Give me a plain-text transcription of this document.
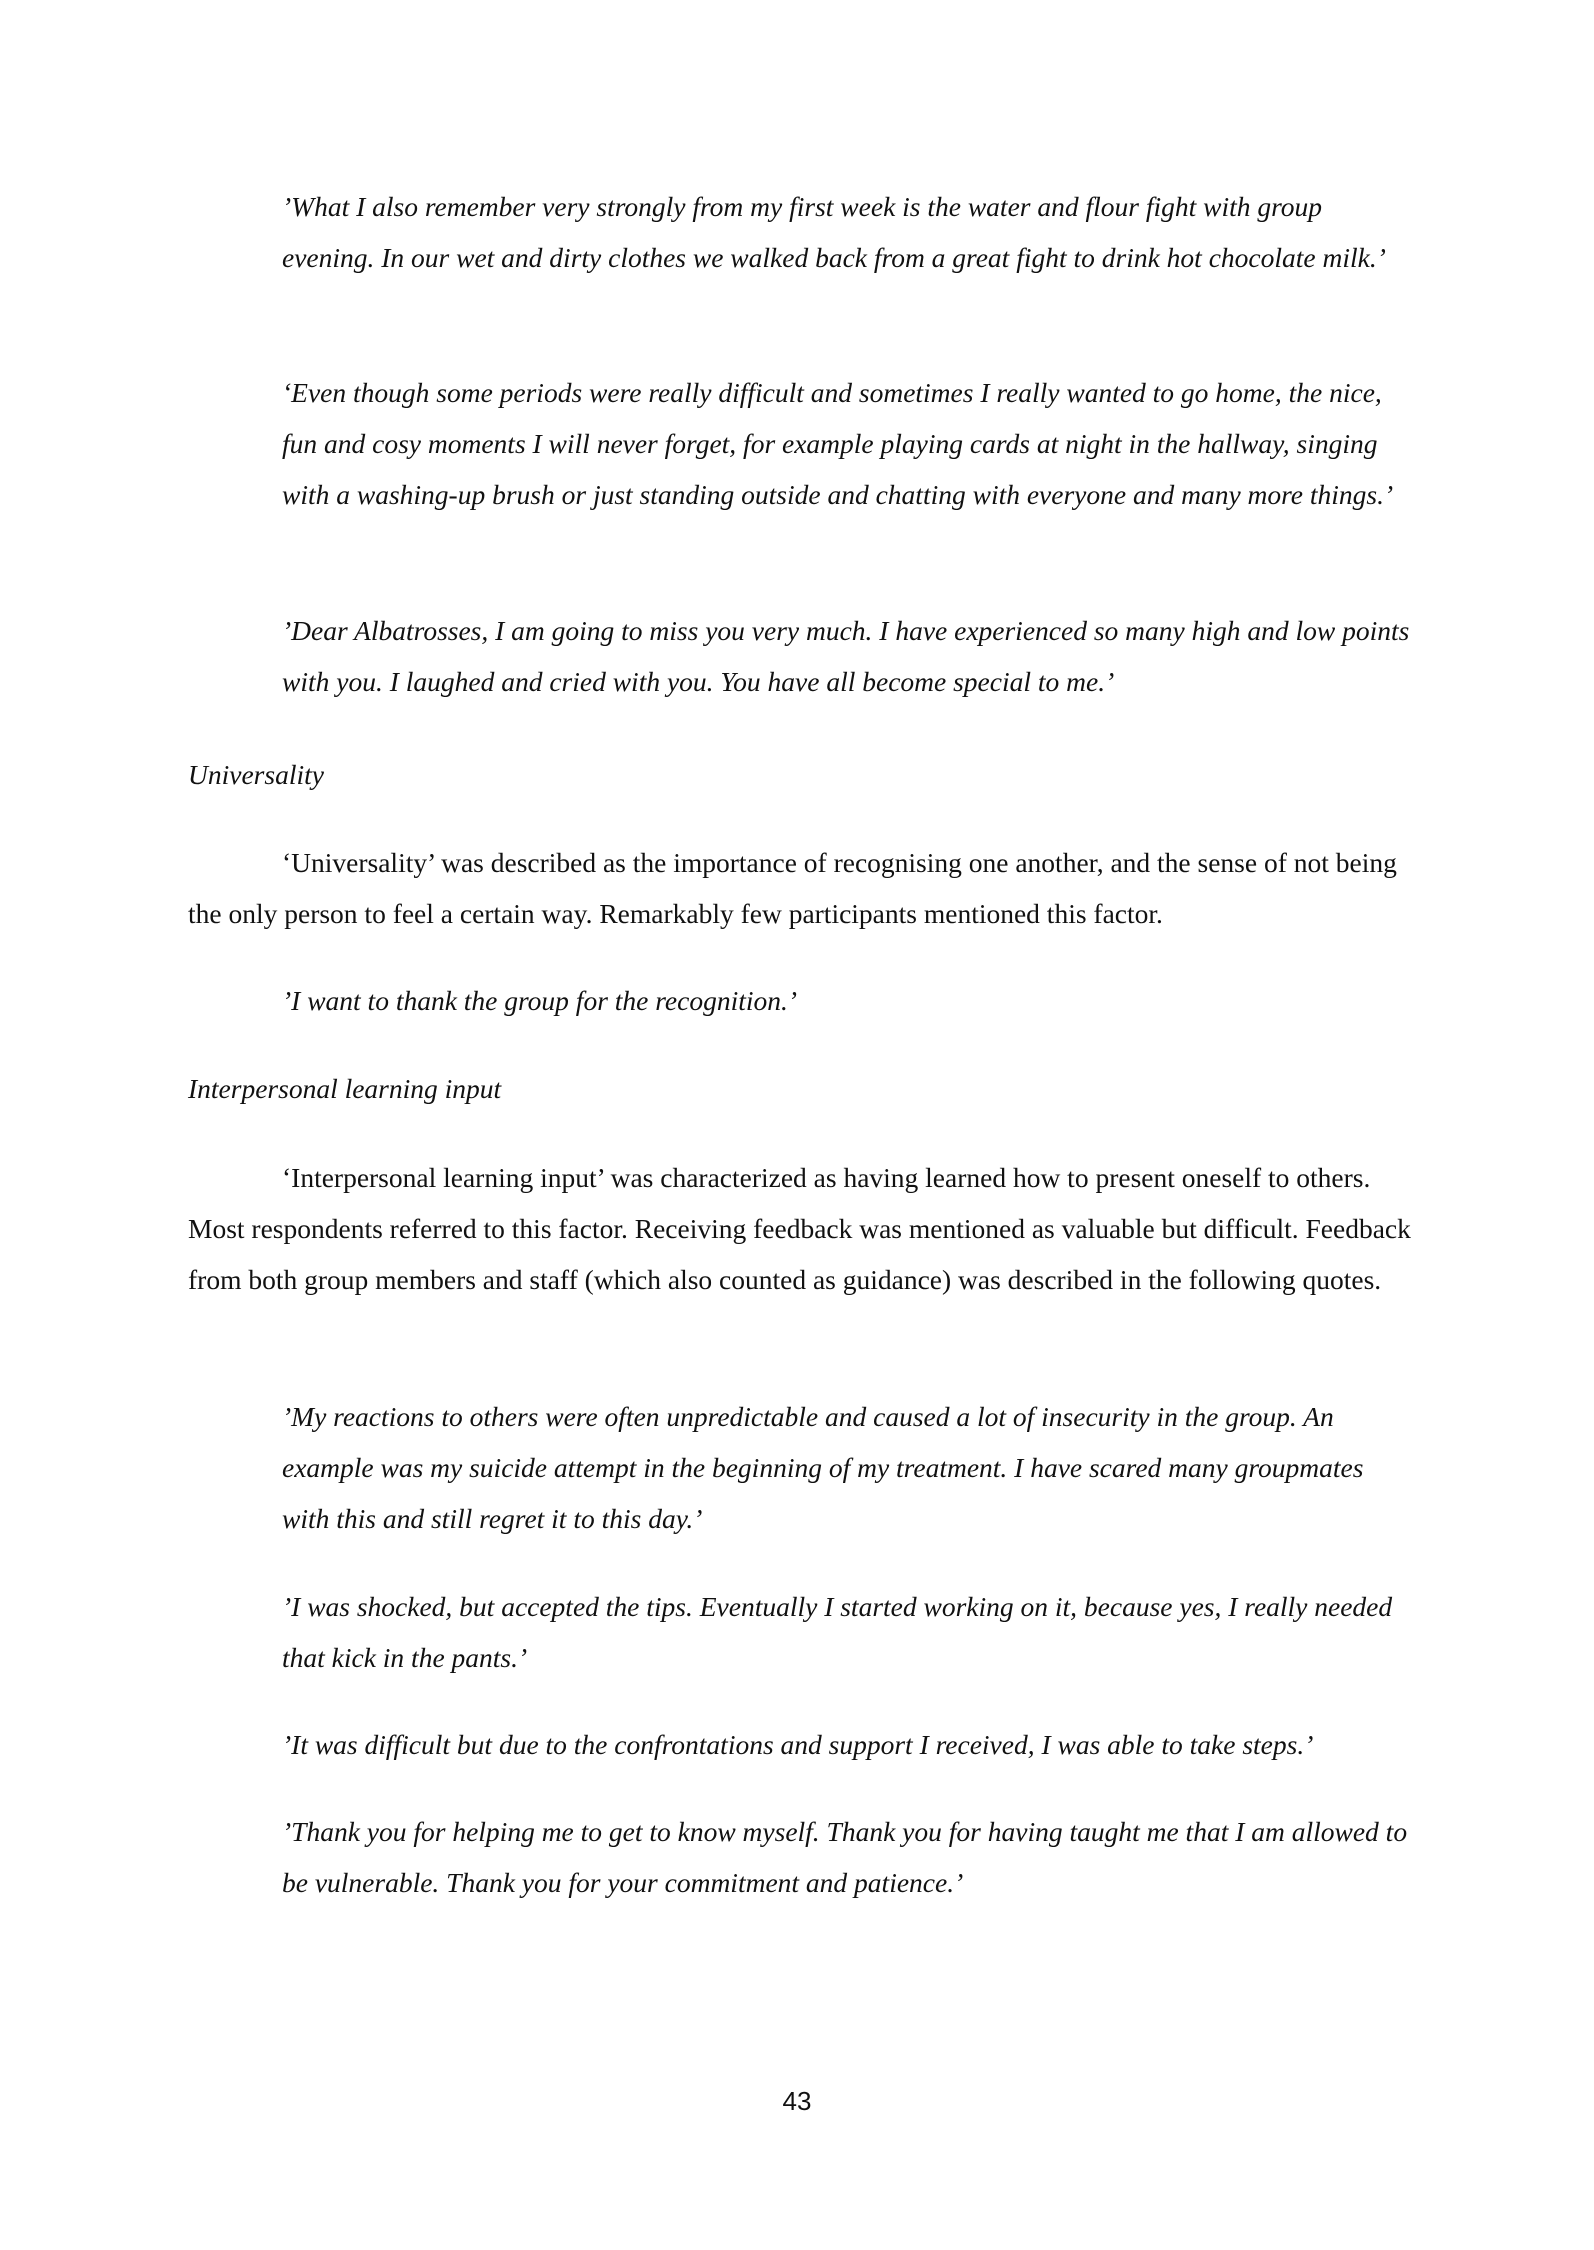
’What I also remember very strongly from my first week is the water and flour fight with group evening. In our wet and dirty clothes we walked back from a great fight to drink hot chocolate milk.’

‘Even though some periods were really difficult and sometimes I really wanted to go home, the nice, fun and cosy moments I will never forget, for example playing cards at night in the hallway, singing with a washing-up brush or just standing outside and chatting with everyone and many more things.’

’Dear Albatrosses, I am going to miss you very much. I have experienced so many high and low points with you. I laughed and cried with you. You have all become special to me.’

Universality

‘Universality’ was described as the importance of recognising one another, and the sense of not being the only person to feel a certain way. Remarkably few participants mentioned this factor.

’I want to thank the group for the recognition.’

Interpersonal learning input

‘Interpersonal learning input’ was characterized as having learned how to present oneself to others. Most respondents referred to this factor. Receiving feedback was mentioned as valuable but difficult. Feedback from both group members and staff (which also counted as guidance) was described in the following quotes.

’My reactions to others were often unpredictable and caused a lot of insecurity in the group. An example was my suicide attempt in the beginning of my treatment. I have scared many groupmates with this and still regret it to this day.’

’I was shocked, but accepted the tips. Eventually I started working on it, because yes, I really needed that kick in the pants.’

’It was difficult but due to the confrontations and support I received, I was able to take steps.’

’Thank you for helping me to get to know myself. Thank you for having taught me that I am allowed to be vulnerable. Thank you for your commitment and patience.’

43
